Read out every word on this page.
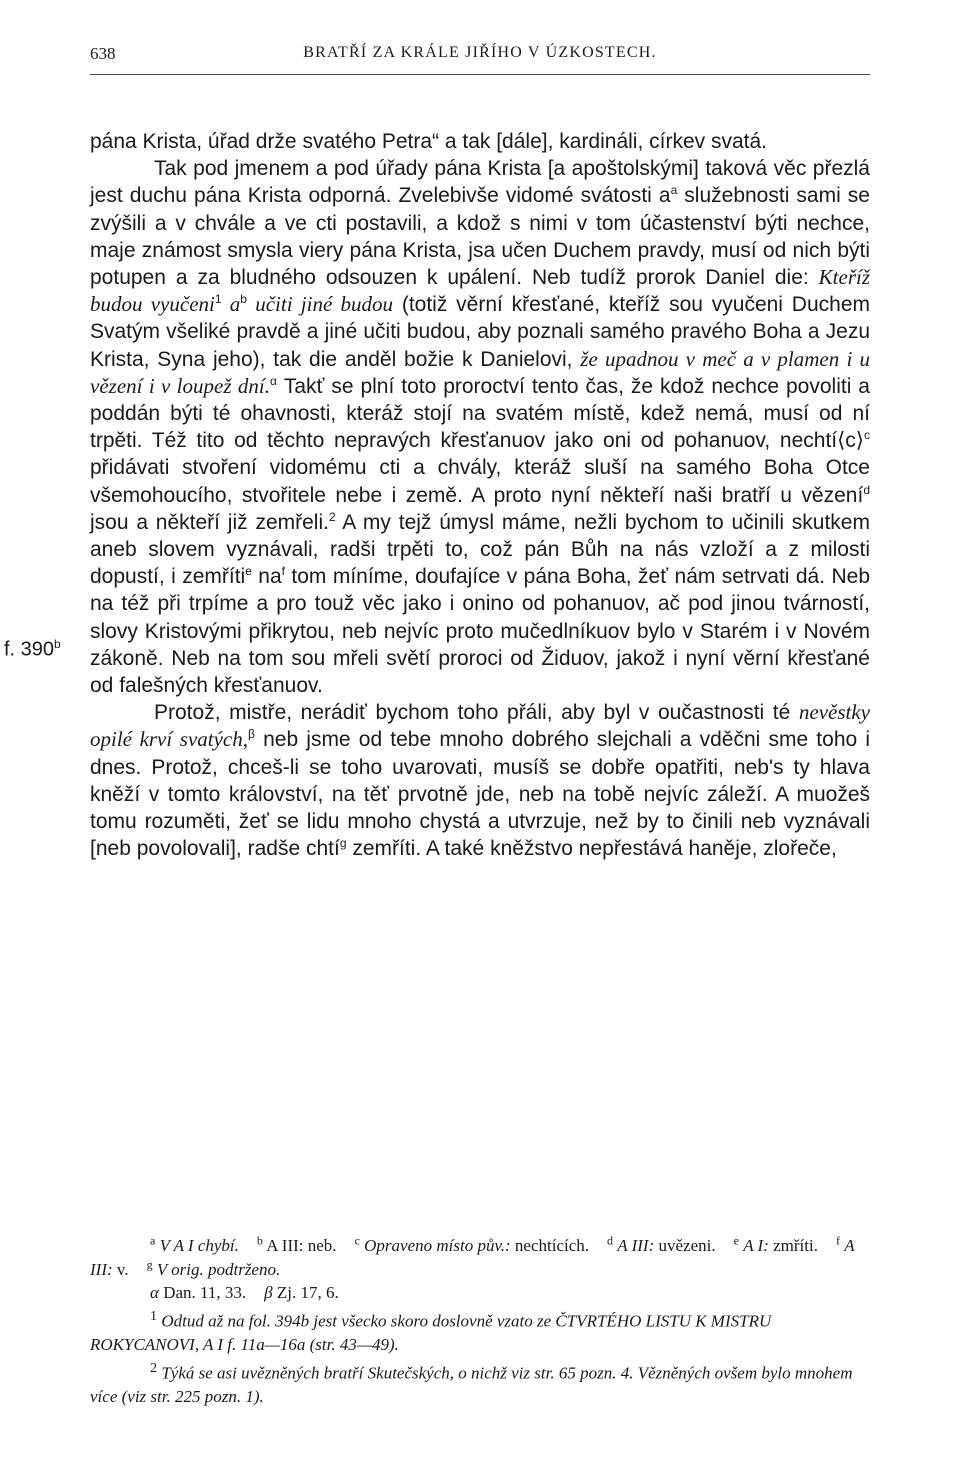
638	BRATŘÍ ZA KRÁLE JIŘÍHO V ÚZKOSTECH.
f. 390$^b$

pána Krista, úřad drže svatého Petra“ a tak [dále], kardináli, církev svatá.

Tak pod jmenem a pod úřady pána Krista [a apoštolskými] taková věc přezlá jest duchu pána Krista odporná. Zvelebivše vidomé svátosti $a^a$ služebnosti sami se zvýšili a v chvále a ve cti postavili, a kdož s nimi v tom účastenství býti nechce, maje známost smysla viery pána Krista, jsa učen Duchem pravdy, musí od nich býti potupen a za bludného odsouzen k upálení. Neb tudíž prorok Daniel die: Kteříž budou vyučeni$^1$ $a^b$ učiti jiné budou (totiž věrní křesťané, kteříž sou vyučeni Duchem Svatým všeliké pravdě a jiné učiti budou, aby poznali samého pravého Boha a Jezu Krista, Syna jeho), tak die anděl božie k Danielovi, že upadnou v meč a v plamen i u vězení i v loupež dní.$^\alpha$ Takť se plní toto proroctví tento čas, že kdož nechce povoliti a poddán býti té ohavnosti, kteráž stojí na svatém místě, kdež nemá, musí od ní trpěti. Též tito od těchto nepravých křesťanuov jako oni od pohanuov, nechtí⟨c⟩$^c$ přidávati stvoření vidomému cti a chvály, kteráž sluší na samého Boha Otce všemohoucího, stvořitele nebe i země. A proto nyní někteří naši bratří u vězení$^d$ jsou a někteří již zemřeli.$^2$ A my tejž úmysl máme, nežli bychom to učinili skutkem aneb slovem vyznávali, radši trpěti to, což pán Bůh na nás vzloží a z milosti dopustí, i zemříti$^e$ $na^f$ tom míníme, doufajíce v pána Boha, žeť nám setrvati dá. Neb na též při trpíme a pro touž věc jako i onino od pohanuov, ač pod jinou tvárností, slovy Kristovými přikrytou, neb nejvíc proto mučedlníkuov bylo v Starém i v Novém zákoně. Neb na tom sou mřeli světí proroci od Židuov, jakož i nyní věrní křesťané od falešných křesťanuov.

Protož, mistře, nerádiť bychom toho přáli, aby byl v oučastnosti té nevěstky opilé krví svatých,$^\beta$ neb jsme od tebe mnoho dobrého slejchali a vděčni sme toho i dnes. Protož, chceš-li se toho uvarovati, musíš se dobře opatřiti, neb's ty hlava kněží v tomto království, na těť prvotně jde, neb na tobě nejvíc záleží. A muožeš tomu rozuměti, žeť se lidu mnoho chystá a utvrzuje, než by to činili neb vyznávali [neb povolovali], radše chtí$^g$ zemříti. A také kněžstvo nepřestává haněje, zlořeče,

$^a$ V A I chybí. $^b$ A III: neb. $^c$ Opraveno místo pův.: nechtících. $^d$ A III: uvězeni. $^e$ A I: zmříti. $^f$ A III: v. $^g$ V orig. podtrženo.

α Dan. 11, 33. β Zj. 17, 6.

$^1$ Odtud až na fol. 394b jest všecko skoro doslovně vzato ze ČTVRTÉHO LISTU K MISTRU ROKYCANOVI, A I f. 11a—16a (str. 43—49).

$^2$ Týká se asi uvězněných bratří Skutečských, o nichž viz str. 65 pozn. 4. Vězněných ovšem bylo mnohem více (viz str. 225 pozn. 1).
